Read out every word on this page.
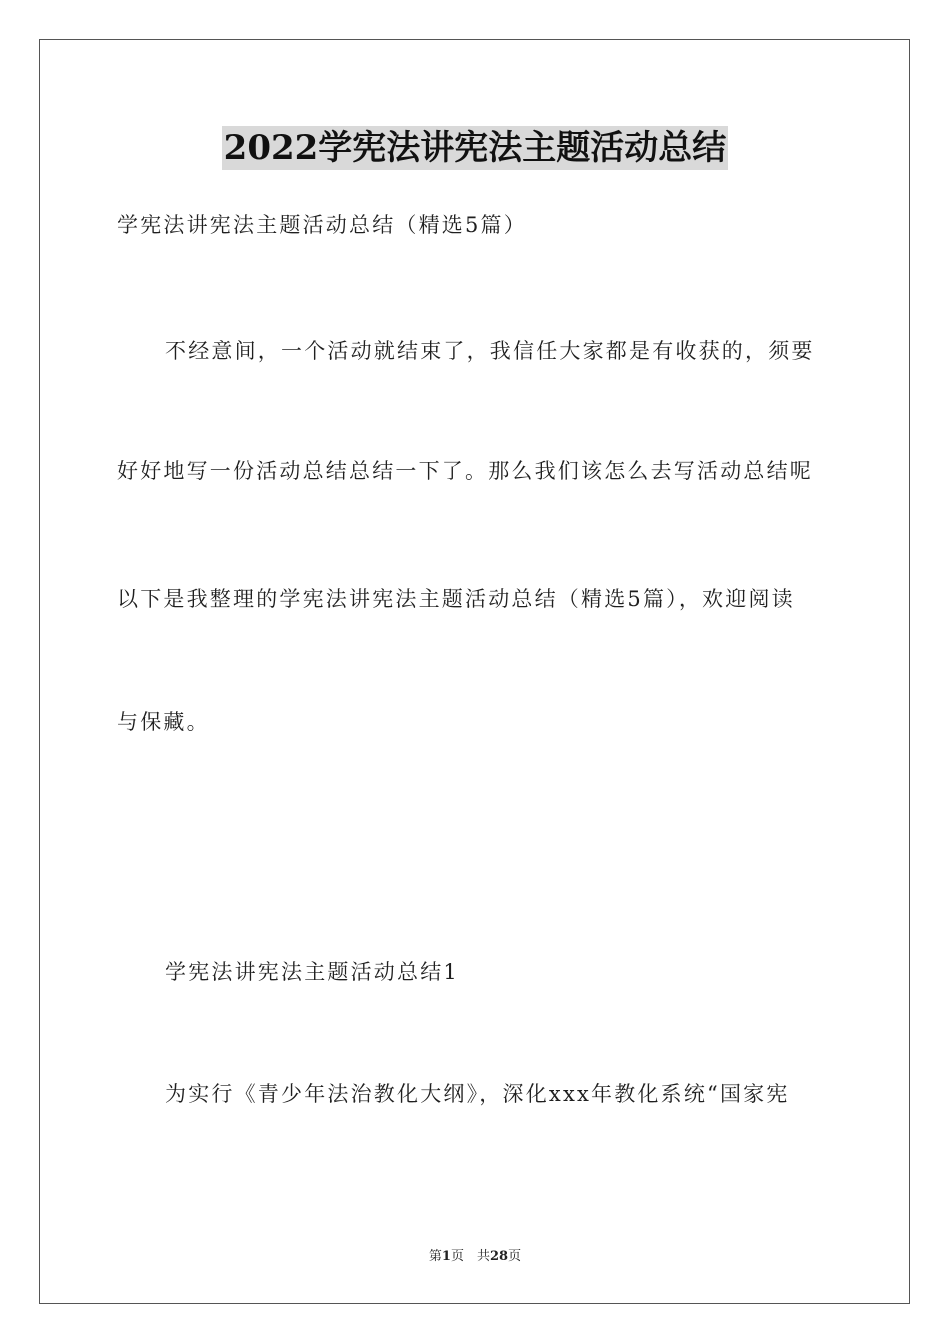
2022学宪法讲宪法主题活动总结
学宪法讲宪法主题活动总结（精选5篇）
不经意间，一个活动就结束了，我信任大家都是有收获的，须要
好好地写一份活动总结总结一下了。那么我们该怎么去写活动总结呢
以下是我整理的学宪法讲宪法主题活动总结（精选5篇），欢迎阅读
与保藏。
学宪法讲宪法主题活动总结1
为实行《青少年法治教化大纲》，深化xxx年教化系统“国家宪
第1页　共28页
